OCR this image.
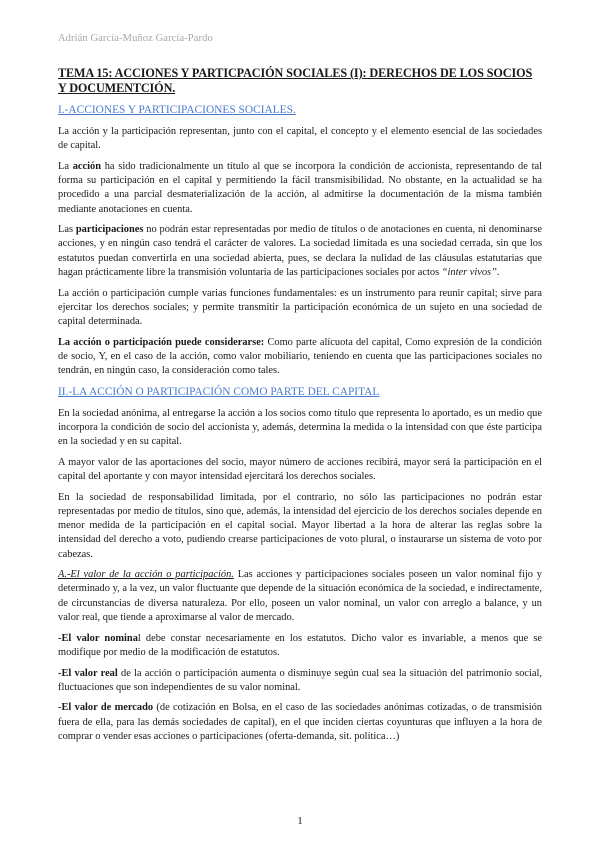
Adrián García-Muñoz García-Pardo
TEMA 15: ACCIONES Y PARTICPACIÓN SOCIALES (I): DERECHOS DE LOS SOCIOS Y DOCUMENTCIÓN.
I.-ACCIONES Y PARTICIPACIONES SOCIALES.

La acción y la participación representan, junto con el capital, el concepto y el elemento esencial de las sociedades de capital.

La acción ha sido tradicionalmente un título al que se incorpora la condición de accionista, representando de tal forma su participación en el capital y permitiendo la fácil transmisibilidad. No obstante, en la actualidad se ha procedido a una parcial desmaterialización de la acción, al admitirse la documentación de la misma también mediante anotaciones en cuenta.

Las participaciones no podrán estar representadas por medio de títulos o de anotaciones en cuenta, ni denominarse acciones, y en ningún caso tendrá el carácter de valores. La sociedad limitada es una sociedad cerrada, sin que los estatutos puedan convertirla en una sociedad abierta, pues, se declara la nulidad de las cláusulas estatutarias que hagan prácticamente libre la transmisión voluntaria de las participaciones sociales por actos “inter vivos”.

La acción o participación cumple varias funciones fundamentales: es un instrumento para reunir capital; sirve para ejercitar los derechos sociales; y permite transmitir la participación económica de un sujeto en una sociedad de capital determinada.

La acción o participación puede considerarse: Como parte alícuota del capital, Como expresión de la condición de socio, Y, en el caso de la acción, como valor mobiliario, teniendo en cuenta que las participaciones sociales no tendrán, en ningún caso, la consideración como tales.

II.-LA ACCIÓN O PARTICIPACIÓN COMO PARTE DEL CAPITAL

En la sociedad anónima, al entregarse la acción a los socios como título que representa lo aportado, es un medio que incorpora la condición de socio del accionista y, además, determina la medida o la intensidad con que éste participa en la sociedad y en su capital.

A mayor valor de las aportaciones del socio, mayor número de acciones recibirá, mayor será la participación en el capital del aportante y con mayor intensidad ejercitará los derechos sociales.

En la sociedad de responsabilidad limitada, por el contrario, no sólo las participaciones no podrán estar representadas por medio de títulos, sino que, además, la intensidad del ejercicio de los derechos sociales depende en menor medida de la participación en el capital social. Mayor libertad a la hora de alterar las reglas sobre la intensidad del derecho a voto, pudiendo crearse participaciones de voto plural, o instaurarse un sistema de voto por cabezas.

A.-El valor de la acción o participación. Las acciones y participaciones sociales poseen un valor nominal fijo y determinado y, a la vez, un valor fluctuante que depende de la situación económica de la sociedad, e indirectamente, de circunstancias de diversa naturaleza. Por ello, poseen un valor nominal, un valor con arreglo a balance, y un valor real, que tiende a aproximarse al valor de mercado.

-El valor nominal debe constar necesariamente en los estatutos. Dicho valor es invariable, a menos que se modifique por medio de la modificación de estatutos.

-El valor real de la acción o participación aumenta o disminuye según cual sea la situación del patrimonio social, fluctuaciones que son independientes de su valor nominal.

-El valor de mercado (de cotización en Bolsa, en el caso de las sociedades anónimas cotizadas, o de transmisión fuera de ella, para las demás sociedades de capital), en el que inciden ciertas coyunturas que influyen a la hora de comprar o vender esas acciones o participaciones (oferta-demanda, sit. política…)

1
